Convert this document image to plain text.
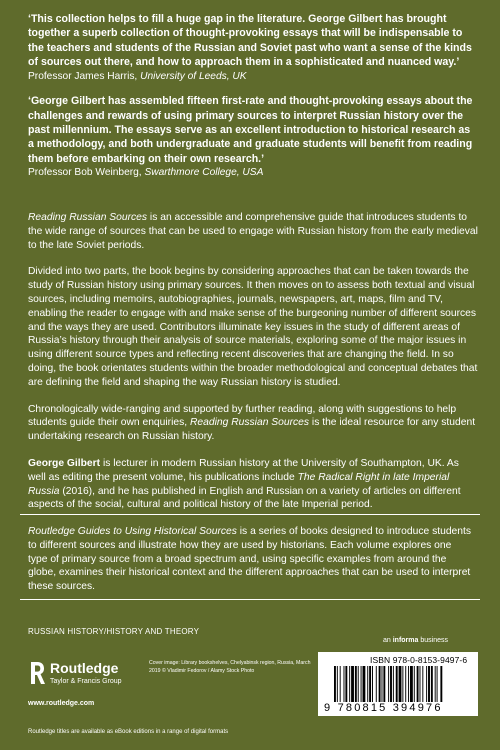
‘This collection helps to fill a huge gap in the literature. George Gilbert has brought together a superb collection of thought-provoking essays that will be indispensable to the teachers and students of the Russian and Soviet past who want a sense of the kinds of sources out there, and how to approach them in a sophisticated and nuanced way.’

Professor James Harris, University of Leeds, UK

‘George Gilbert has assembled fifteen first-rate and thought-provoking essays about the challenges and rewards of using primary sources to interpret Russian history over the past millennium. The essays serve as an excellent introduction to historical research as a methodology, and both undergraduate and graduate students will benefit from reading them before embarking on their own research.’

Professor Bob Weinberg, Swarthmore College, USA

Reading Russian Sources is an accessible and comprehensive guide that introduces students to the wide range of sources that can be used to engage with Russian history from the early medieval to the late Soviet periods.

Divided into two parts, the book begins by considering approaches that can be taken towards the study of Russian history using primary sources. It then moves on to assess both textual and visual sources, including memoirs, autobiographies, journals, newspapers, art, maps, film and TV, enabling the reader to engage with and make sense of the burgeoning number of different sources and the ways they are used. Contributors illuminate key issues in the study of different areas of Russia’s history through their analysis of source materials, exploring some of the major issues in using different source types and reflecting recent discoveries that are changing the field. In so doing, the book orientates students within the broader methodological and conceptual debates that are defining the field and shaping the way Russian history is studied.

Chronologically wide-ranging and supported by further reading, along with suggestions to help students guide their own enquiries, Reading Russian Sources is the ideal resource for any student undertaking research on Russian history.

George Gilbert is lecturer in modern Russian history at the University of Southampton, UK. As well as editing the present volume, his publications include The Radical Right in late Imperial Russia (2016), and he has published in English and Russian on a variety of articles on different aspects of the social, cultural and political history of the late Imperial period.

Routledge Guides to Using Historical Sources is a series of books designed to introduce students to different sources and illustrate how they are used by historians. Each volume explores one type of primary source from a broad spectrum and, using specific examples from around the globe, examines their historical context and the different approaches that can be used to interpret these sources.
RUSSIAN HISTORY/HISTORY AND THEORY
an informa business
Routledge
Taylor & Francis Group
www.routledge.com
Cover image: Library bookshelves, Chelyabinsk region, Russia, March 2019 © Vladimir Fedorov / Alamy Stock Photo
ISBN 978-0-8153-9497-6
9 780815 394976
Routledge titles are available as eBook editions in a range of digital formats
